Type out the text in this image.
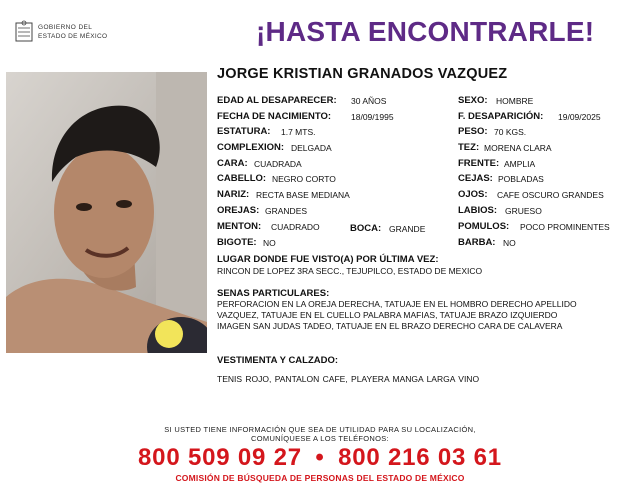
GOBIERNO DEL
ESTADO DE MÉXICO	¡HASTA ENCONTRARLE!
JORGE KRISTIAN GRANADOS VAZQUEZ
EDAD AL DESAPARECER: 30 AÑOS
FECHA DE NACIMIENTO: 18/09/1995
ESTATURA: 1.7 MTS.
COMPLEXION: DELGADA
CARA: CUADRADA
CABELLO: NEGRO CORTO
NARIZ: RECTA BASE MEDIANA
OREJAS: GRANDES
MENTON: CUADRADO	BOCA: GRANDE
BIGOTE: NO
SEXO: HOMBRE
F. DESAPARICIÓN: 19/09/2025
PESO: 70 KGS.
TEZ: MORENA CLARA
FRENTE: AMPLIA
CEJAS: POBLADAS
OJOS: CAFE OSCURO GRANDES
LABIOS: GRUESO
POMULOS: POCO PROMINENTES
BARBA: NO
LUGAR DONDE FUE VISTO(A) POR ÚLTIMA VEZ:
RINCON DE LOPEZ 3RA SECC., TEJUPILCO, ESTADO DE MEXICO
SENAS PARTICULARES:
PERFORACION EN LA OREJA DERECHA, TATUAJE EN EL HOMBRO DERECHO APELLIDO
VAZQUEZ, TATUAJE EN EL CUELLO PALABRA MAFIAS, TATUAJE BRAZO IZQUIERDO
IMAGEN SAN JUDAS TADEO, TATUAJE EN EL BRAZO DERECHO CARA DE CALAVERA
VESTIMENTA Y CALZADO:
TENIS ROJO, PANTALON CAFE, PLAYERA MANGA LARGA VINO
SI USTED TIENE INFORMACIÓN QUE SEA DE UTILIDAD PARA SU LOCALIZACIÓN,
COMUNÍQUESE A LOS TELÉFONOS:
800 509 09 27 • 800 216 03 61
COMISIÓN DE BÚSQUEDA DE PERSONAS DEL ESTADO DE MÉXICO
